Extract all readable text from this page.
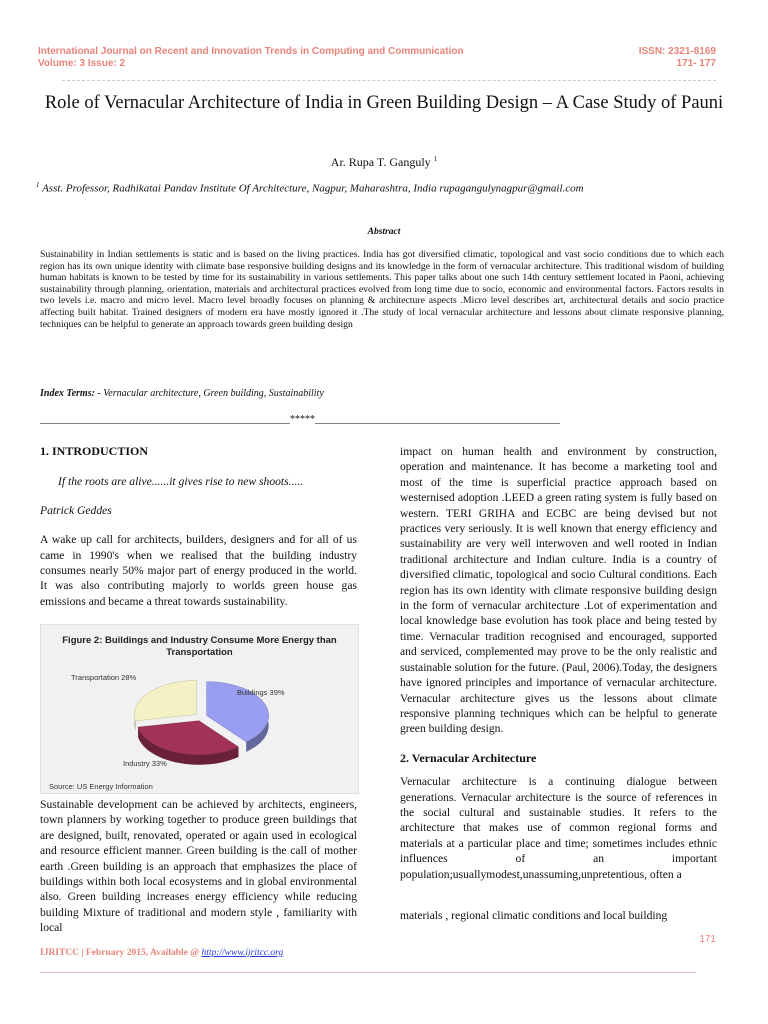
International Journal on Recent and Innovation Trends in Computing and Communication
Volume: 3 Issue: 2
ISSN: 2321-8169
171- 177
Role of Vernacular Architecture of India in Green Building Design – A Case Study of Pauni
Ar. Rupa T. Ganguly $^1$
$^1$ Asst. Professor, Radhikatai Pandav Institute Of Architecture, Nagpur, Maharashtra, India rupagangulynagpur@gmail.com
Abstract
Sustainability in Indian settlements is static and is based on the living practices. India has got diversified climatic, topological and vast socio conditions due to which each region has its own unique identity with climate base responsive building designs and its knowledge in the form of vernacular architecture. This traditional wisdom of building human habitats is known to be tested by time for its sustainability in various settlements. This paper talks about one such 14th century settlement located in Paoni, achieving sustainability through planning, orientation, materials and architectural practices evolved from long time due to socio, economic and environmental factors. Factors results in two levels i.e. macro and micro level. Macro level broadly focuses on planning & architecture aspects .Micro level describes art, architectural details and socio practice affecting built habitat. Trained designers of modern era have mostly ignored it .The study of local vernacular architecture and lessons about climate responsive planning, techniques can be helpful to generate an approach towards green building design
Index Terms: - Vernacular architecture, Green building, Sustainability
__________________________________________________*****_________________________________________________

1. INTRODUCTION

If the roots are alive......it gives rise to new shoots.....

Patrick Geddes

A wake up call for architects, builders, designers and for all of us came in 1990's when we realised that the building industry consumes nearly 50% major part of energy produced in the world. It was also contributing majorly to worlds green house gas emissions and became a threat towards sustainability.

Figure 2: Buildings and Industry Consume More Energy than Transportation
Buildings 39%
Industry 33%
Transportation 28%
Source: US Energy Information

Sustainable development can be achieved by architects, engineers, town planners by working together to produce green buildings that are designed, built, renovated, operated or again used in ecological and resource efficient manner. Green building is the call of mother earth .Green building is an approach that emphasizes the place of buildings within both local ecosystems and in global environmental also. Green building increases energy efficiency while reducing building Mixture of traditional and modern style , familiarity with local

impact on human health and environment by construction, operation and maintenance. It has become a marketing tool and most of the time is superficial practice approach based on westernised adoption .LEED a green rating system is fully based on western. TERI GRIHA and ECBC are being devised but not practices very seriously. It is well known that energy efficiency and sustainability are very well interwoven and well rooted in Indian traditional architecture and Indian culture. India is a country of diversified climatic, topological and socio Cultural conditions. Each region has its own identity with climate responsive building design in the form of vernacular architecture .Lot of experimentation and local knowledge base evolution has took place and being tested by time. Vernacular tradition recognised and encouraged, supported and serviced, complemented may prove to be the only realistic and sustainable solution for the future. (Paul, 2006).Today, the designers have ignored principles and importance of vernacular architecture. Vernacular architecture gives us the lessons about climate responsive planning techniques which can be helpful to generate green building design.

2. Vernacular Architecture

Vernacular architecture is a continuing dialogue between generations. Vernacular architecture is the source of references in the social cultural and sustainable studies. It refers to the architecture that makes use of common regional forms and materials at a particular place and time; sometimes includes ethnic influences of an important population;usuallymodest,unassuming,unpretentious, often a

materials , regional climatic conditions and local building

171
IJRITCC | February 2015, Available @ http://www.ijritcc.org
